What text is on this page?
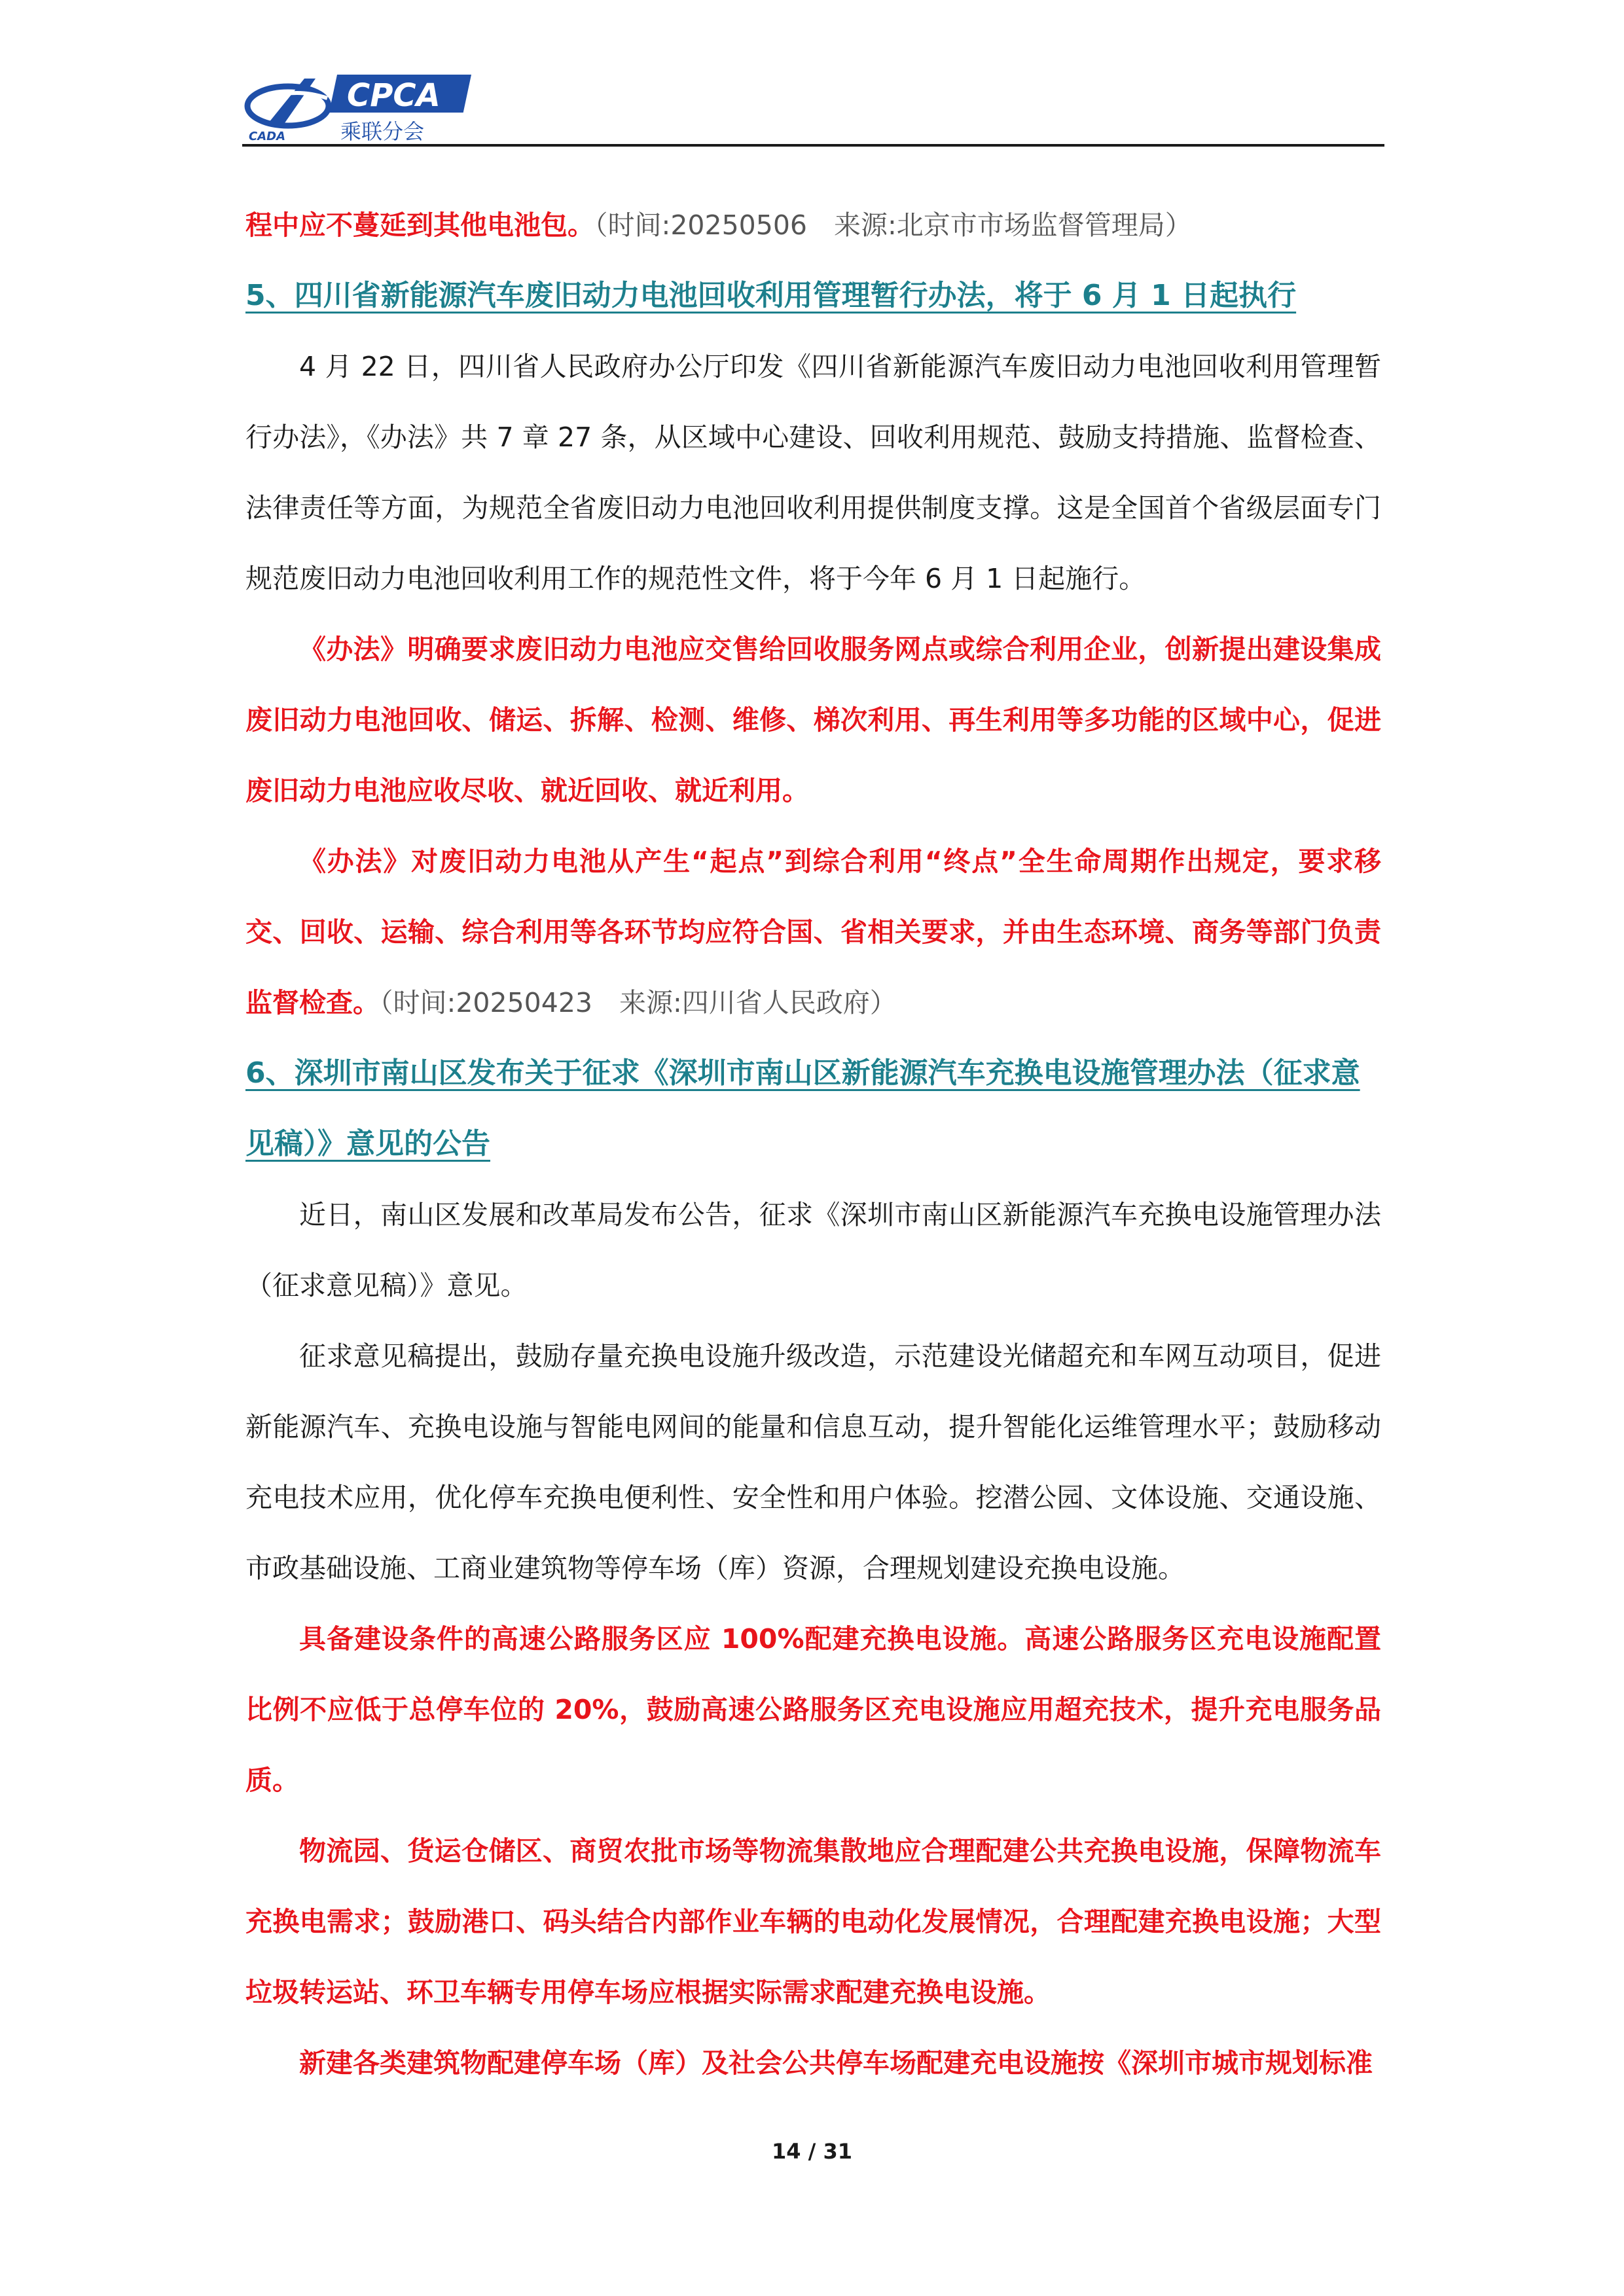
CADA
CPCA
乘联分会

程中应不蔓延到其他电池包。（时间:20250506　来源:北京市市场监督管理局）

5、四川省新能源汽车废旧动力电池回收利用管理暂行办法，将于 6 月 1 日起执行

4 月 22 日，四川省人民政府办公厅印发《四川省新能源汽车废旧动力电池回收利用管理暂行办法》，《办法》共 7 章 27 条，从区域中心建设、回收利用规范、鼓励支持措施、监督检查、法律责任等方面，为规范全省废旧动力电池回收利用提供制度支撑。这是全国首个省级层面专门规范废旧动力电池回收利用工作的规范性文件，将于今年 6 月 1 日起施行。

《办法》明确要求废旧动力电池应交售给回收服务网点或综合利用企业，创新提出建设集成废旧动力电池回收、储运、拆解、检测、维修、梯次利用、再生利用等多功能的区域中心，促进废旧动力电池应收尽收、就近回收、就近利用。

《办法》对废旧动力电池从产生“起点”到综合利用“终点”全生命周期作出规定，要求移交、回收、运输、综合利用等各环节均应符合国、省相关要求，并由生态环境、商务等部门负责监督检查。（时间:20250423　来源:四川省人民政府）

6、深圳市南山区发布关于征求《深圳市南山区新能源汽车充换电设施管理办法（征求意见稿）》意见的公告

近日，南山区发展和改革局发布公告，征求《深圳市南山区新能源汽车充换电设施管理办法（征求意见稿）》意见。

征求意见稿提出，鼓励存量充换电设施升级改造，示范建设光储超充和车网互动项目，促进新能源汽车、充换电设施与智能电网间的能量和信息互动，提升智能化运维管理水平；鼓励移动充电技术应用，优化停车充换电便利性、安全性和用户体验。挖潜公园、文体设施、交通设施、市政基础设施、工商业建筑物等停车场（库）资源，合理规划建设充换电设施。

具备建设条件的高速公路服务区应 100%配建充换电设施。高速公路服务区充电设施配置比例不应低于总停车位的 20%，鼓励高速公路服务区充电设施应用超充技术，提升充电服务品质。

物流园、货运仓储区、商贸农批市场等物流集散地应合理配建公共充换电设施，保障物流车充换电需求；鼓励港口、码头结合内部作业车辆的电动化发展情况，合理配建充换电设施；大型垃圾转运站、环卫车辆专用停车场应根据实际需求配建充换电设施。

新建各类建筑物配建停车场（库）及社会公共停车场配建充电设施按《深圳市城市规划标准

14 / 31
